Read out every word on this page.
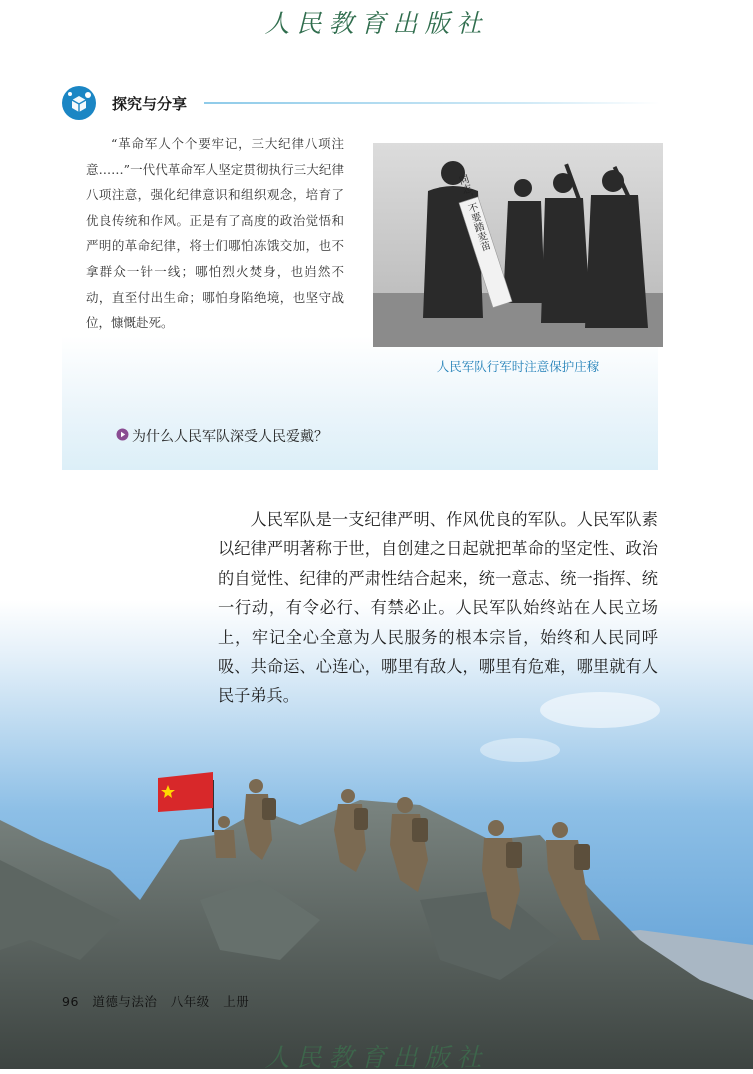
人民教育出版社
探究与分享

“革命军人个个要牢记，三大纪律八项注意……”一代代革命军人坚定贯彻执行三大纪律八项注意，强化纪律意识和组织观念，培育了优良传统和作风。正是有了高度的政治觉悟和严明的革命纪律，将士们哪怕冻饿交加，也不拿群众一针一线；哪怕烈火焚身，也岿然不动，直至付出生命；哪怕身陷绝境，也坚守战位，慷慨赴死。

同志，不要踏麦苗
人民军队行军时注意保护庄稼
为什么人民军队深受人民爱戴？

人民军队是一支纪律严明、作风优良的军队。人民军队素以纪律严明著称于世，自创建之日起就把革命的坚定性、政治的自觉性、纪律的严肃性结合起来，统一意志、统一指挥、统一行动，有令必行、有禁必止。人民军队始终站在人民立场上，牢记全心全意为人民服务的根本宗旨，始终和人民同呼吸、共命运、心连心，哪里有敌人，哪里有危难，哪里就有人民子弟兵。

96 道德与法治 八年级 上册
人民教育出版社
